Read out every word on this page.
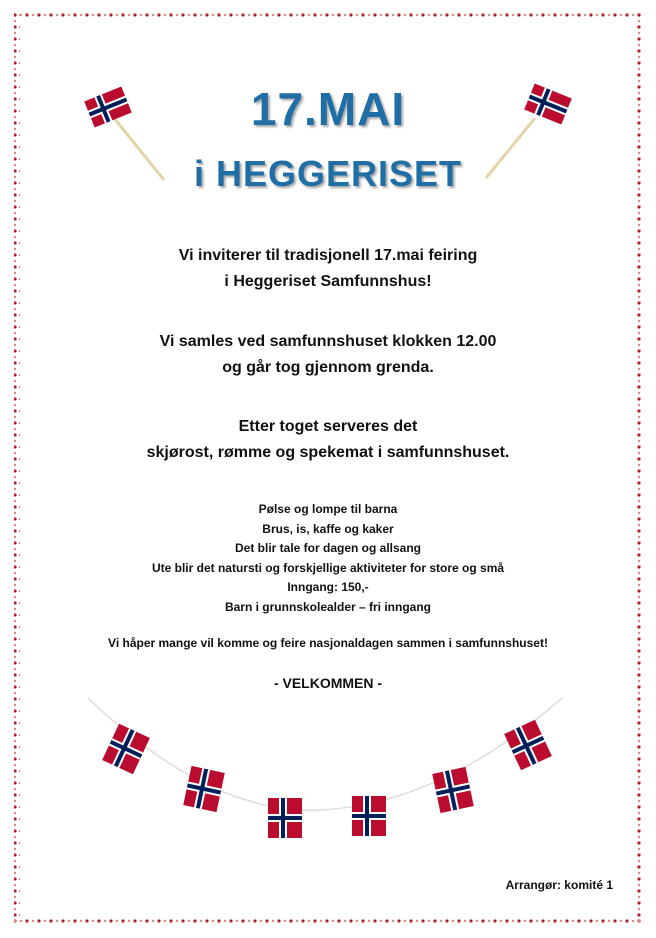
17.MAI
i HEGGERISET
Vi inviterer til tradisjonell 17.mai feiring
i Heggeriset Samfunnshus!
Vi samles ved samfunnshuset klokken 12.00
og går tog gjennom grenda.
Etter toget serveres det
skjørost, rømme og spekemat i samfunnshuset.
Pølse og lompe til barna
Brus, is, kaffe og kaker
Det blir tale for dagen og allsang
Ute blir det natursti og forskjellige aktiviteter for store og små
Inngang: 150,-
Barn i grunnskolealder – fri inngang
Vi håper mange vil komme og feire nasjonaldagen sammen i samfunnshuset!
- VELKOMMEN -
Arrangør: komité 1
